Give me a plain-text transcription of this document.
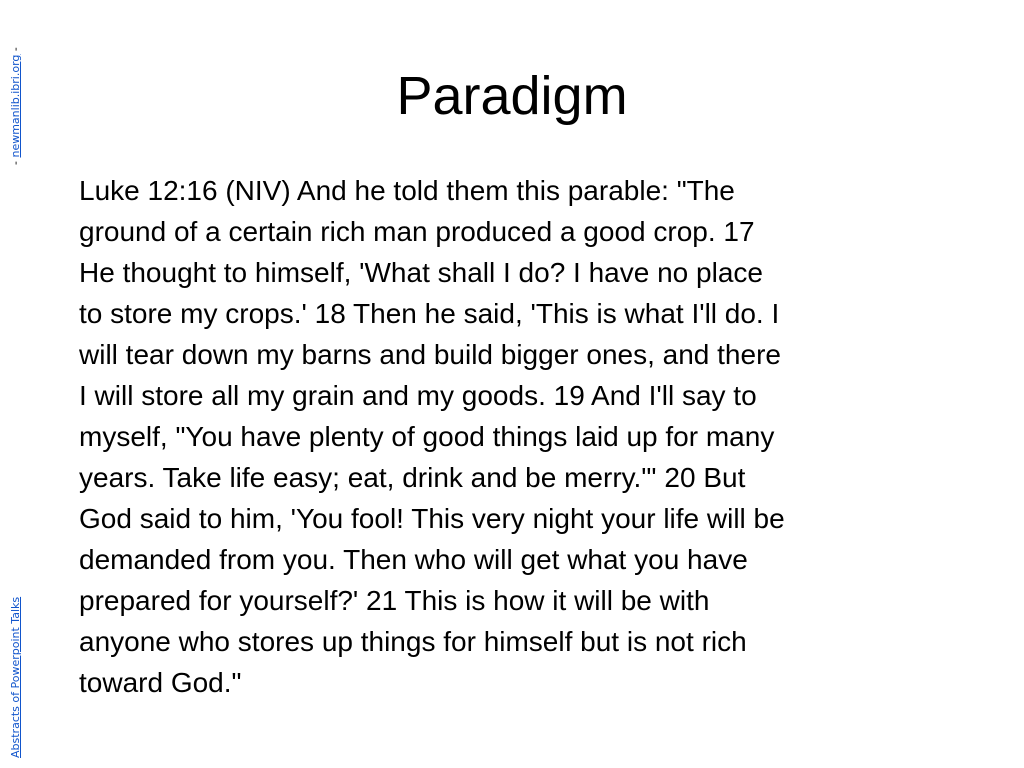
- newmanlib.ibri.org -
Abstracts of Powerpoint Talks
Paradigm
Luke 12:16 (NIV) And he told them this parable: "The
ground of a certain rich man produced a good crop. 17
He thought to himself, 'What shall I do? I have no place
to store my crops.' 18 Then he said, 'This is what I'll do. I
will tear down my barns and build bigger ones, and there
I will store all my grain and my goods. 19 And I'll say to
myself, "You have plenty of good things laid up for many
years. Take life easy; eat, drink and be merry."' 20 But
God said to him, 'You fool! This very night your life will be
demanded from you. Then who will get what you have
prepared for yourself?' 21 This is how it will be with
anyone who stores up things for himself but is not rich
toward God."
